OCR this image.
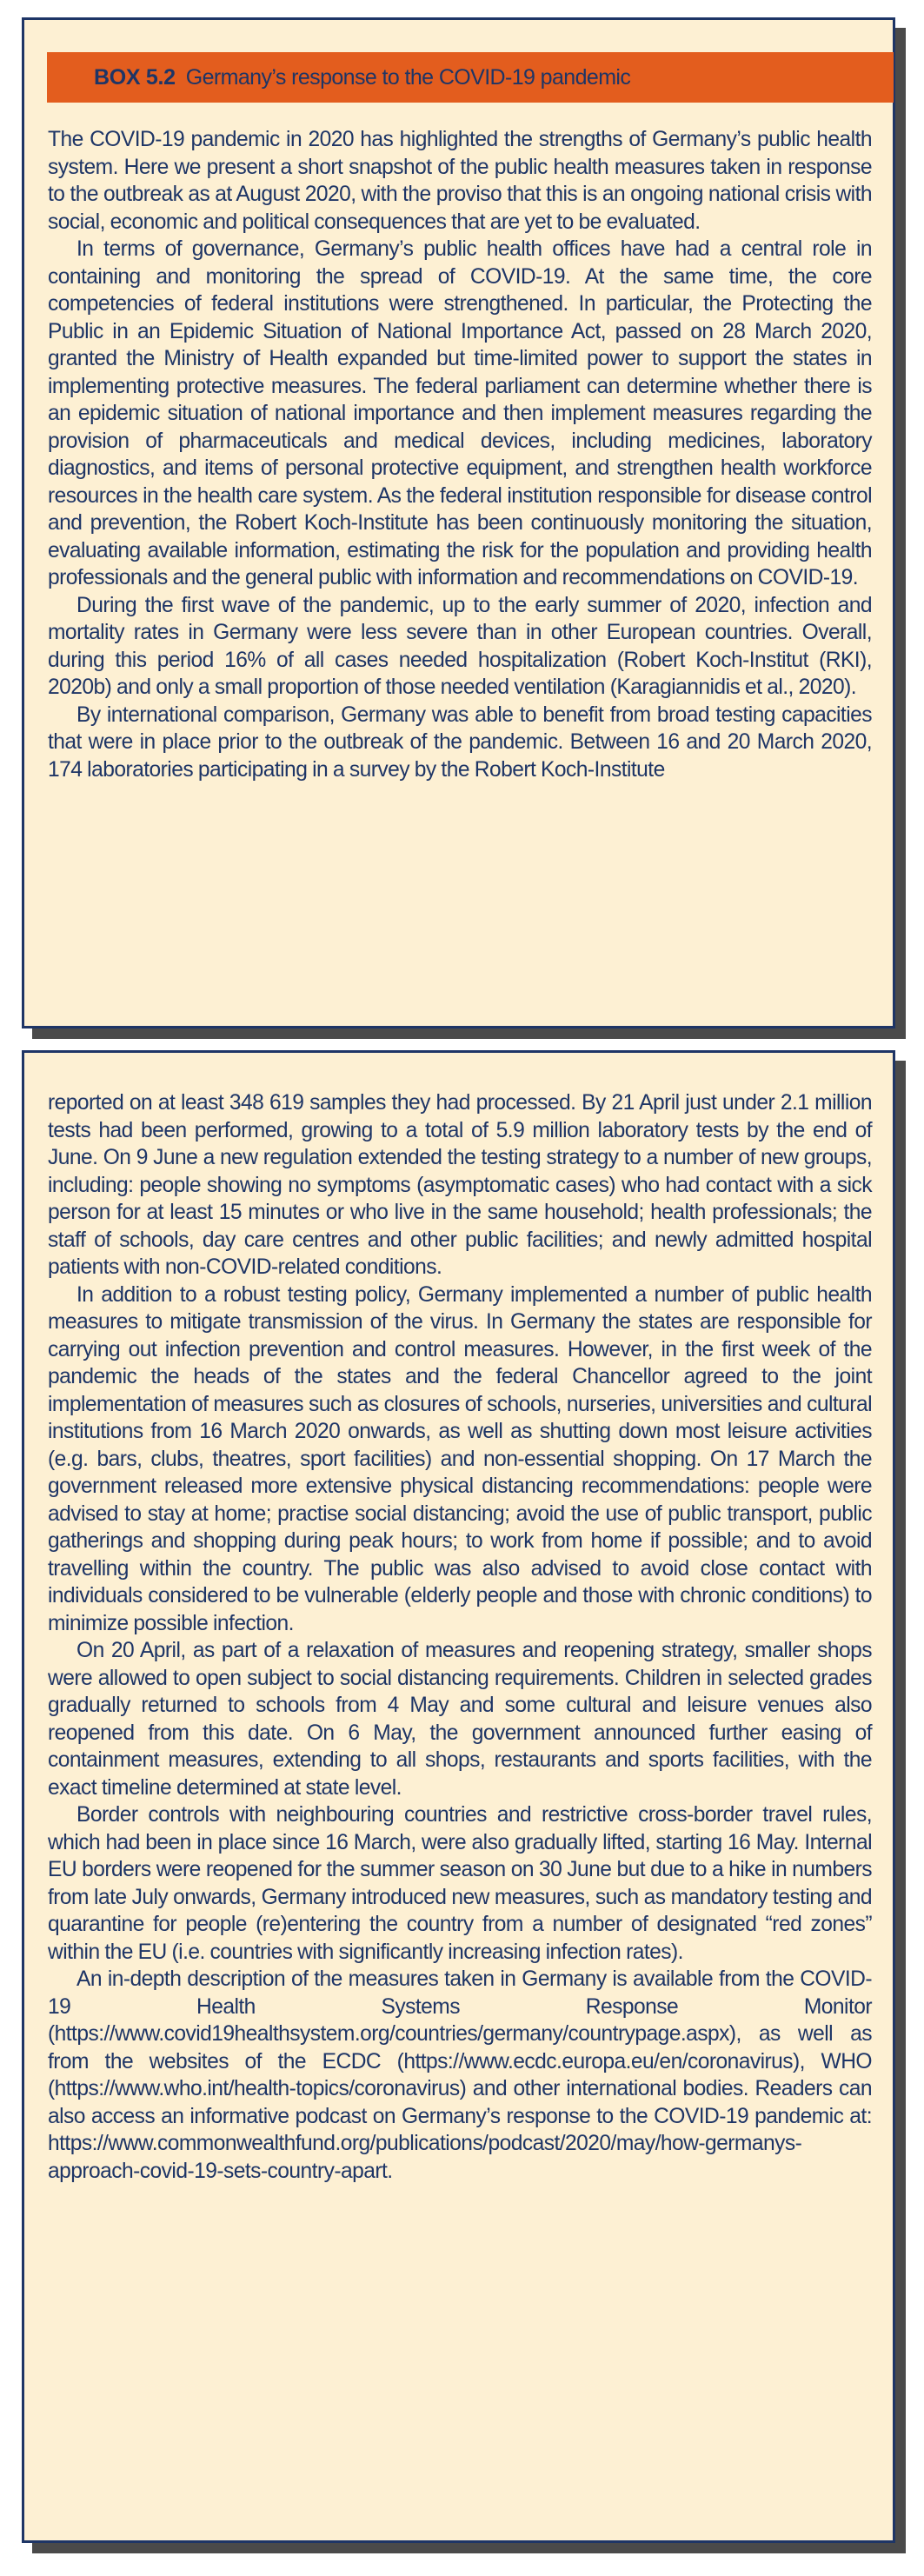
BOX 5.2 Germany’s response to the COVID-19 pandemic

The COVID-19 pandemic in 2020 has highlighted the strengths of Germany’s public health system. Here we present a short snapshot of the public health measures taken in response to the outbreak as at August 2020, with the proviso that this is an ongoing national crisis with social, economic and political consequences that are yet to be evaluated.

In terms of governance, Germany’s public health offices have had a central role in containing and monitoring the spread of COVID-19. At the same time, the core competencies of federal institutions were strengthened. In particular, the Protecting the Public in an Epidemic Situation of National Importance Act, passed on 28 March 2020, granted the Ministry of Health expanded but time-limited power to support the states in implementing protective measures. The federal parliament can determine whether there is an epidemic situation of national importance and then implement measures regarding the provision of pharmaceuticals and medical devices, including medicines, laboratory diagnostics, and items of personal protective equipment, and strengthen health workforce resources in the health care system. As the federal institution responsible for disease control and prevention, the Robert Koch-Institute has been continuously monitoring the situation, evaluating available information, estimating the risk for the population and providing health professionals and the general public with information and recommendations on COVID-19.

During the first wave of the pandemic, up to the early summer of 2020, infection and mortality rates in Germany were less severe than in other European countries. Overall, during this period 16% of all cases needed hospitalization (Robert Koch-Institut (RKI), 2020b) and only a small proportion of those needed ventilation (Karagiannidis et al., 2020).

By international comparison, Germany was able to benefit from broad testing capacities that were in place prior to the outbreak of the pandemic. Between 16 and 20 March 2020, 174 laboratories participating in a survey by the Robert Koch-Institute

reported on at least 348 619 samples they had processed. By 21 April just under 2.1 million tests had been performed, growing to a total of 5.9 million laboratory tests by the end of June. On 9 June a new regulation extended the testing strategy to a number of new groups, including: people showing no symptoms (asymptomatic cases) who had contact with a sick person for at least 15 minutes or who live in the same household; health professionals; the staff of schools, day care centres and other public facilities; and newly admitted hospital patients with non-COVID-related conditions.

In addition to a robust testing policy, Germany implemented a number of public health measures to mitigate transmission of the virus. In Germany the states are responsible for carrying out infection prevention and control measures. However, in the first week of the pandemic the heads of the states and the federal Chancellor agreed to the joint implementation of measures such as closures of schools, nurseries, universities and cultural institutions from 16 March 2020 onwards, as well as shutting down most leisure activities (e.g. bars, clubs, theatres, sport facilities) and non-essential shopping. On 17 March the government released more extensive physical distancing recommendations: people were advised to stay at home; practise social distancing; avoid the use of public transport, public gatherings and shopping during peak hours; to work from home if possible; and to avoid travelling within the country. The public was also advised to avoid close contact with individuals considered to be vulnerable (elderly people and those with chronic conditions) to minimize possible infection.

On 20 April, as part of a relaxation of measures and reopening strategy, smaller shops were allowed to open subject to social distancing requirements. Children in selected grades gradually returned to schools from 4 May and some cultural and leisure venues also reopened from this date. On 6 May, the government announced further easing of containment measures, extending to all shops, restaurants and sports facilities, with the exact timeline determined at state level.

Border controls with neighbouring countries and restrictive cross-border travel rules, which had been in place since 16 March, were also gradually lifted, starting 16 May. Internal EU borders were reopened for the summer season on 30 June but due to a hike in numbers from late July onwards, Germany introduced new measures, such as mandatory testing and quarantine for people (re)entering the country from a number of designated “red zones” within the EU (i.e. countries with significantly increasing infection rates).

An in-depth description of the measures taken in Germany is available from the COVID-19 Health Systems Response Monitor (https://www.covid19healthsystem.org/countries/germany/countrypage.aspx), as well as from the websites of the ECDC (https://www.ecdc.europa.eu/en/coronavirus), WHO (https://www.who.int/health-topics/coronavirus) and other international bodies. Readers can also access an informative podcast on Germany’s response to the COVID-19 pandemic at: https://www.commonwealthfund.org/publications/podcast/2020/may/how-germanys-approach-covid-19-sets-country-apart.
